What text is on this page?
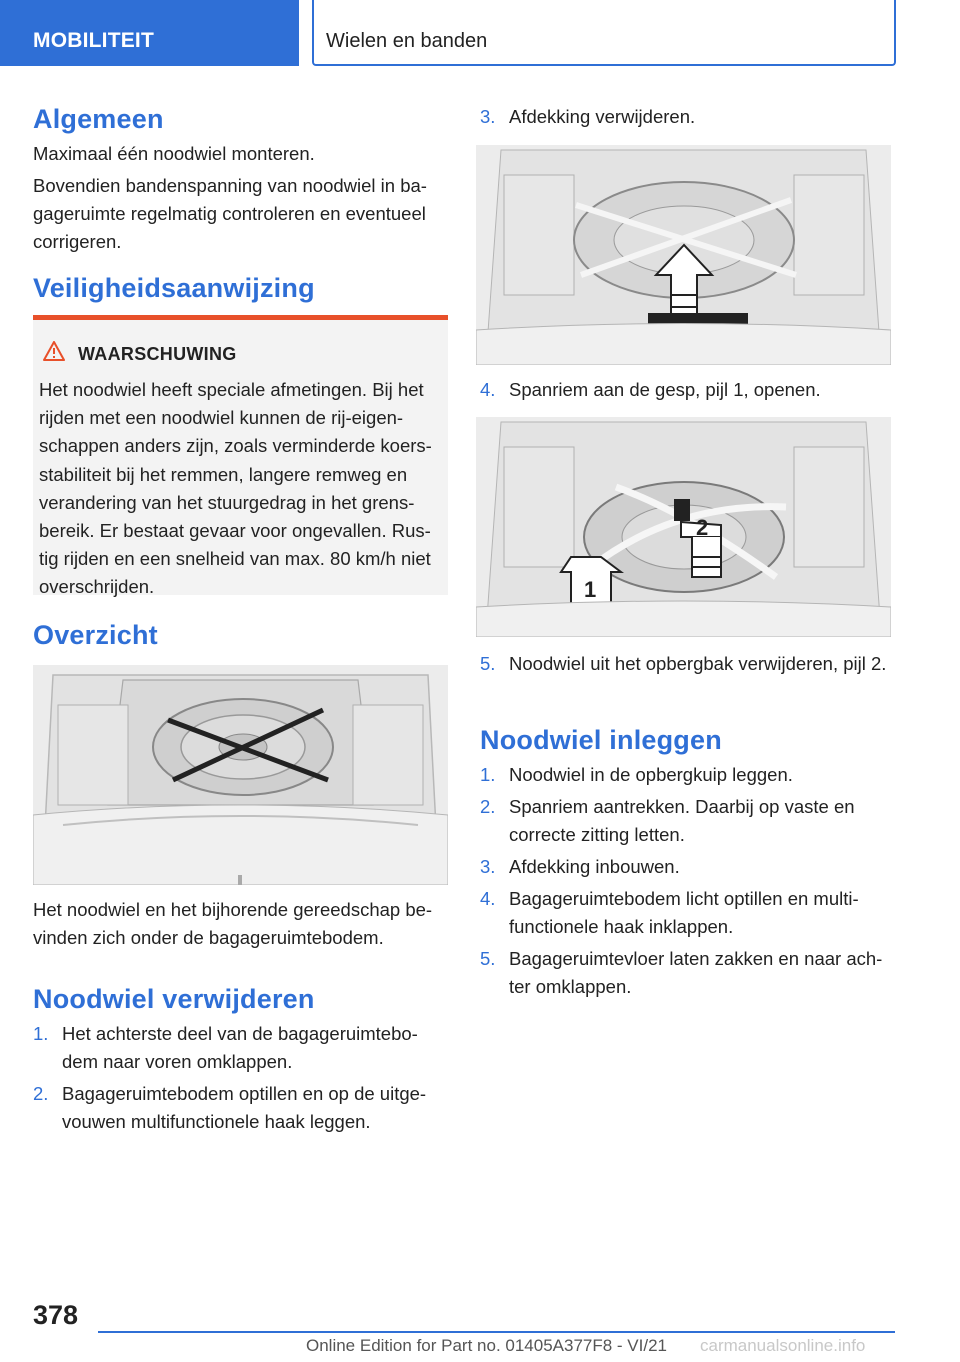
MOBILITEIT	Wielen en banden
Algemeen

Maximaal één noodwiel monteren.

Bovendien bandenspanning van noodwiel in ba-gageruimte regelmatig controleren en eventueel corrigeren.

Veiligheidsaanwijzing
WAARSCHUWING
Het noodwiel heeft speciale afmetingen. Bij het rijden met een noodwiel kunnen de rij-eigen-schappen anders zijn, zoals verminderde koers-stabiliteit bij het remmen, langere remweg en verandering van het stuurgedrag in het grens-bereik. Er bestaat gevaar voor ongevallen. Rus-tig rijden en een snelheid van max. 80 km/h niet overschrijden.
Overzicht

Het noodwiel en het bijhorende gereedschap be-vinden zich onder de bagageruimtebodem.

Noodwiel verwijderen
1. Het achterste deel van de bagageruimtebo-dem naar voren omklappen.
2. Bagageruimtebodem optillen en op de uitge-vouwen multifunctionele haak leggen.
3. Afdekking verwijderen.
4. Spanriem aan de gesp, pijl 1, openen.
2
1
5. Noodwiel uit het opbergbak verwijderen, pijl 2.
Noodwiel inleggen
1. Noodwiel in de opbergkuip leggen.
2. Spanriem aantrekken. Daarbij op vaste en correcte zitting letten.
3. Afdekking inbouwen.
4. Bagageruimtebodem licht optillen en multi-functionele haak inklappen.
5. Bagageruimtevloer laten zakken en naar ach-ter omklappen.
378
Online Edition for Part no. 01405A377F8 - VI/21 carmanualsonline.info
